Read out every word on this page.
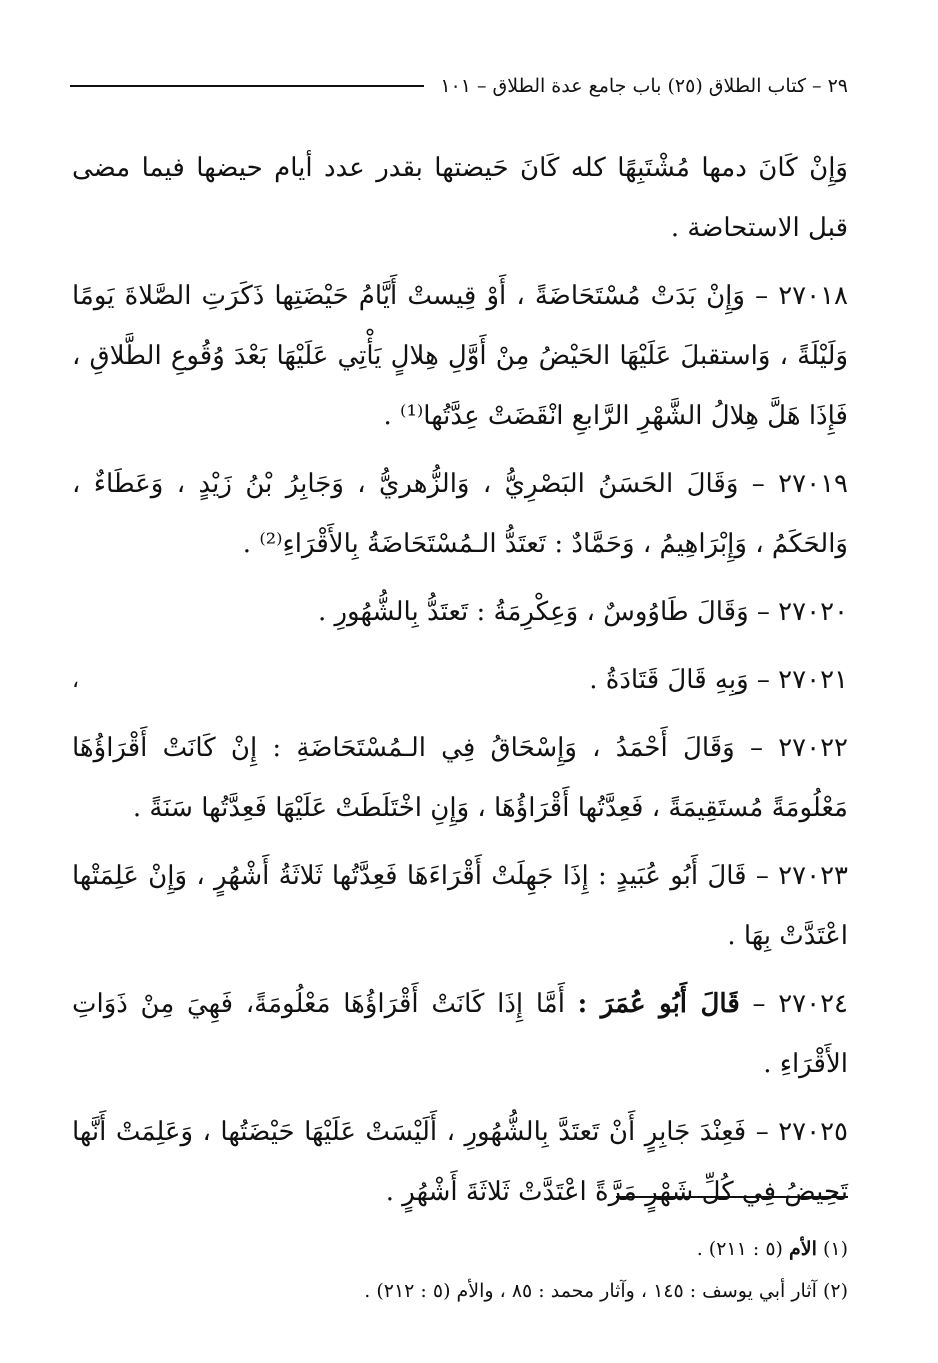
٢٩ – كتاب الطلاق (٢٥) باب جامع عدة الطلاق – ١٠١

وَإِنْ كَانَ دمها مُشْتَبِهًا كله كَانَ حَيضتها بقدر عدد أيام حيضها فيما مضى قبل الاستحاضة .

٢٧٠١٨ – وَإِنْ بَدَتْ مُسْتَحَاضَةً ، أَوْ قِيستْ أَيَّامُ حَيْضَتِها ذَكَرَتِ الصَّلاةَ يَومًا وَلَيْلَةً ، وَاستقبلَ عَلَيْهَا الحَيْضُ مِنْ أَوَّلِ هِلالٍ يَأْتِي عَلَيْهَا بَعْدَ وُقُوعِ الطَّلاقِ ، فَإِذَا هَلَّ هِلالُ الشَّهْرِ الرَّابعِ انْقَضَتْ عِدَّتُها⁽¹⁾ .

٢٧٠١٩ – وَقَالَ الحَسَنُ البَصْرِيُّ ، وَالزُّهريُّ ، وَجَابِرُ بْنُ زَيْدٍ ، وَعَطَاءٌ ، وَالحَكَمُ ، وَإِبْرَاهِيمُ ، وَحَمَّادٌ : تَعتَدُّ الـمُسْتَحَاضَةُ بِالأَقْرَاءِ⁽²⁾ .

٢٧٠٢٠ – وَقَالَ طَاوُوسٌ ، وَعِكْرِمَةُ : تَعتَدُّ بِالشُّهُورِ .

٢٧٠٢١ – وَبِهِ قَالَ قَتَادَةُ .

٢٧٠٢٢ – وَقَالَ أَحْمَدُ ، وَإِسْحَاقُ فِي الـمُسْتَحَاضَةِ : إِنْ كَانَتْ أَقْرَاؤُهَا مَعْلُومَةً مُستَقِيمَةً ، فَعِدَّتُها أَقْرَاؤُهَا ، وَإِنِ اخْتَلَطَتْ عَلَيْهَا فَعِدَّتُها سَنَةً .

٢٧٠٢٣ – قَالَ أَبُو عُبَيدٍ : إِذَا جَهِلَتْ أَقْرَاءَهَا فَعِدَّتُها ثَلاثَةُ أَشْهُرٍ ، وَإِنْ عَلِمَتْها اعْتَدَّتْ بِهَا .

٢٧٠٢٤ – قَالَ أَبُو عُمَرَ : أَمَّا إِذَا كَانَتْ أَقْرَاؤُهَا مَعْلُومَةً، فَهِيَ مِنْ ذَوَاتِ الأَقْرَاءِ .

٢٧٠٢٥ – فَعِنْدَ جَابِرٍ أَنْ تَعتَدَّ بِالشُّهُورِ ، أَلَيْسَتْ عَلَيْهَا حَيْضَتُها ، وَعَلِمَتْ أَنَّها تَحِيضُ فِي كُلِّ شَهْرٍ مَرَّةً اعْتَدَّتْ ثَلاثَةَ أَشْهُرٍ .

،

(١) الأم (٥ : ٢١١) .

(٢) آثار أبي يوسف : ١٤٥ ، وآثار محمد : ٨٥ ، والأم (٥ : ٢١٢) .
